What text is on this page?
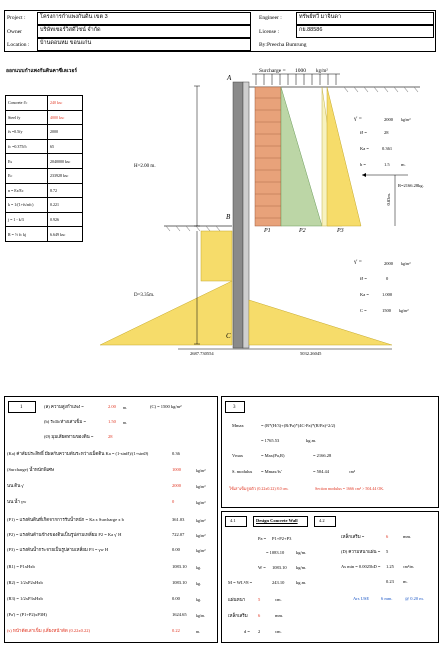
Project :	โครงการกำแพงกันดิน เขต 3
Owner	บริษัทเซอร์วิสดีไซน์ จำกัด
Location : บ้านดอนหม ขอนแก่น
Engineer :	ทรัพย์ทวี มาจินดา
License :	กย.88586
By:Preecha Bumrung
ออกแบบกำแพงกันดินคาซีเลเวอร์
Concrete f'c	240 ksc
Steel fy	4000 ksc
fs =0.5fy	2000
fc =0.375f'c	65
Es	2040000 ksc
Ec	233928 ksc
n = Es/Ec	8.72
k = 1/(1+fs/nfc)	0.221
j = 1 - k/3	0.926
R = ½ fc kj	6.649 ksc
Surcharge = 1000 kg/m²
A
B
C
H=2.00 m.
D=3.35m.
R=2166.28kg.
0.83m.
P1	P2	P3
2687.730554	5032.26045
γ' =	2000 kg/m³
Ø =	28
Ka =	0.361
b =	1.5	m.
γ' =	2000 kg/m³
Ø =	0
Ka =	1.000
C =	1500 kg/m²
1	(ล) ความสูงกำแพง =	2.00 m.	(C) = 1500 kg/m²
(b) ระยะห่างเสาเข็ม =	1.50 m.
(Ø) มุมเสียดทานของดิน =	28
(Ka) ค่าสัมประสิทธิ์ มีผลกับความดันระหว่างเม็ดดิน Ka = (1-sinØ)/(1+sinØ)	0.36
(Surcharge) น้ำหนักพิเศษ	1000	kg/m²
นน.ดิน γ'	2000	kg/m³
นน.น้ำ γw	0	kg/m³
(P1) = แรงดันดินที่เกิดจากการรับน้ำหนัก = Ka x Surcharge x b	361.03	kg/m²
(P2) = แรงดันด้านข้างของดินเป็นรูปสามเหลี่ยม P2 = Ka γ' H	722.07	kg/m²
(P3) = แรงดันน้ำกระจายเป็นรูปสามเหลี่ยม P3 = γw H	0.00	kg/m²
(R1) = P1xHxb	1083.10 kg.
(R2) = 1/2xP2xHxb	1083.10 kg.
(R3) = 1/2xP3xHxb	0.00	kg.
(Pa') = (P1+P2)xP3H)	1624.65 kg/m.
(s) หน้าตัดเสาเข็ม (เสี่ยงหน้าตัด (0.22x0.22)	0.22	m.
3
Mmax	= (R*(H/3)+(R/Pa)*(4C-Pa)*(R/Pa)^2/2)
= 1765.53	kg.m.
Vmax	= Max(Pa,R)	= 2166.28
S. modulus = Mmax/fs'	= 504.44	cm³
ใช้เสาเข็มรูปตัว (0.22x0.22) 8.0 cm.	Section modulus = 1666 cm³ > 504.44 OK.
4.1	Design Concrete Wall	4.2
Pa = P1+P2+P3
= 1083.10	kg/m.
W = 1083.10 kg/m.
M = WL²/8 =	243.10	kg.m.
แผ่นหนา	5	cm.
เหล็กเสริม 6	mm.
d = 2	cm.
เหล็กเสริม =	6	mm.
(D) ความหนาแผ่น = 5
As min = 0.0025bD = 1.25 cm²/m.
0.23 m.
Ars USE	6 mm.	@ 0.20 m.
